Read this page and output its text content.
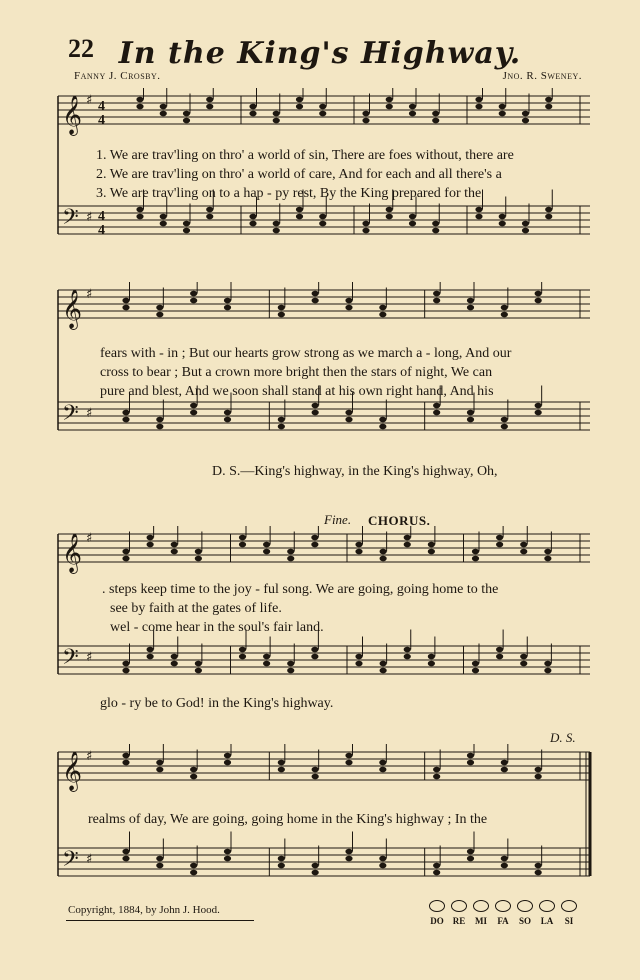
22 In the King's Highway.
Fanny J. Crosby.	Jno. R. Sweney.
𝄞 ♯ 4
4
𝄢 ♯ 4
4
1. We are trav'ling on thro' a world of sin, There are foes without, there are
2. We are trav'ling on thro' a world of care, And for each and all there's a
3. We are trav'ling on to a hap - py rest, By the King prepared for the
𝄞 ♯
𝄢 ♯
fears with - in ; But our hearts grow strong as we march a - long, And our
cross to bear ; But a crown more bright then the stars of night, We can
pure and blest, And we soon shall stand at his own right hand, And his
D. S.—King's highway, in the King's highway, Oh,
Fine. CHORUS.
𝄞 ♯
𝄢 ♯
. steps keep time to the joy - ful song. We are going, going home to the
see by faith at the gates of life.
wel - come hear in the soul's fair land.
glo - ry be to God! in the King's highway.
D. S.
𝄞 ♯
𝄢 ♯
realms of day, We are going, going home in the King's highway ; In the
Copyright, 1884, by John J. Hood.
DO RE	MI	FA	SO	LA	SI
